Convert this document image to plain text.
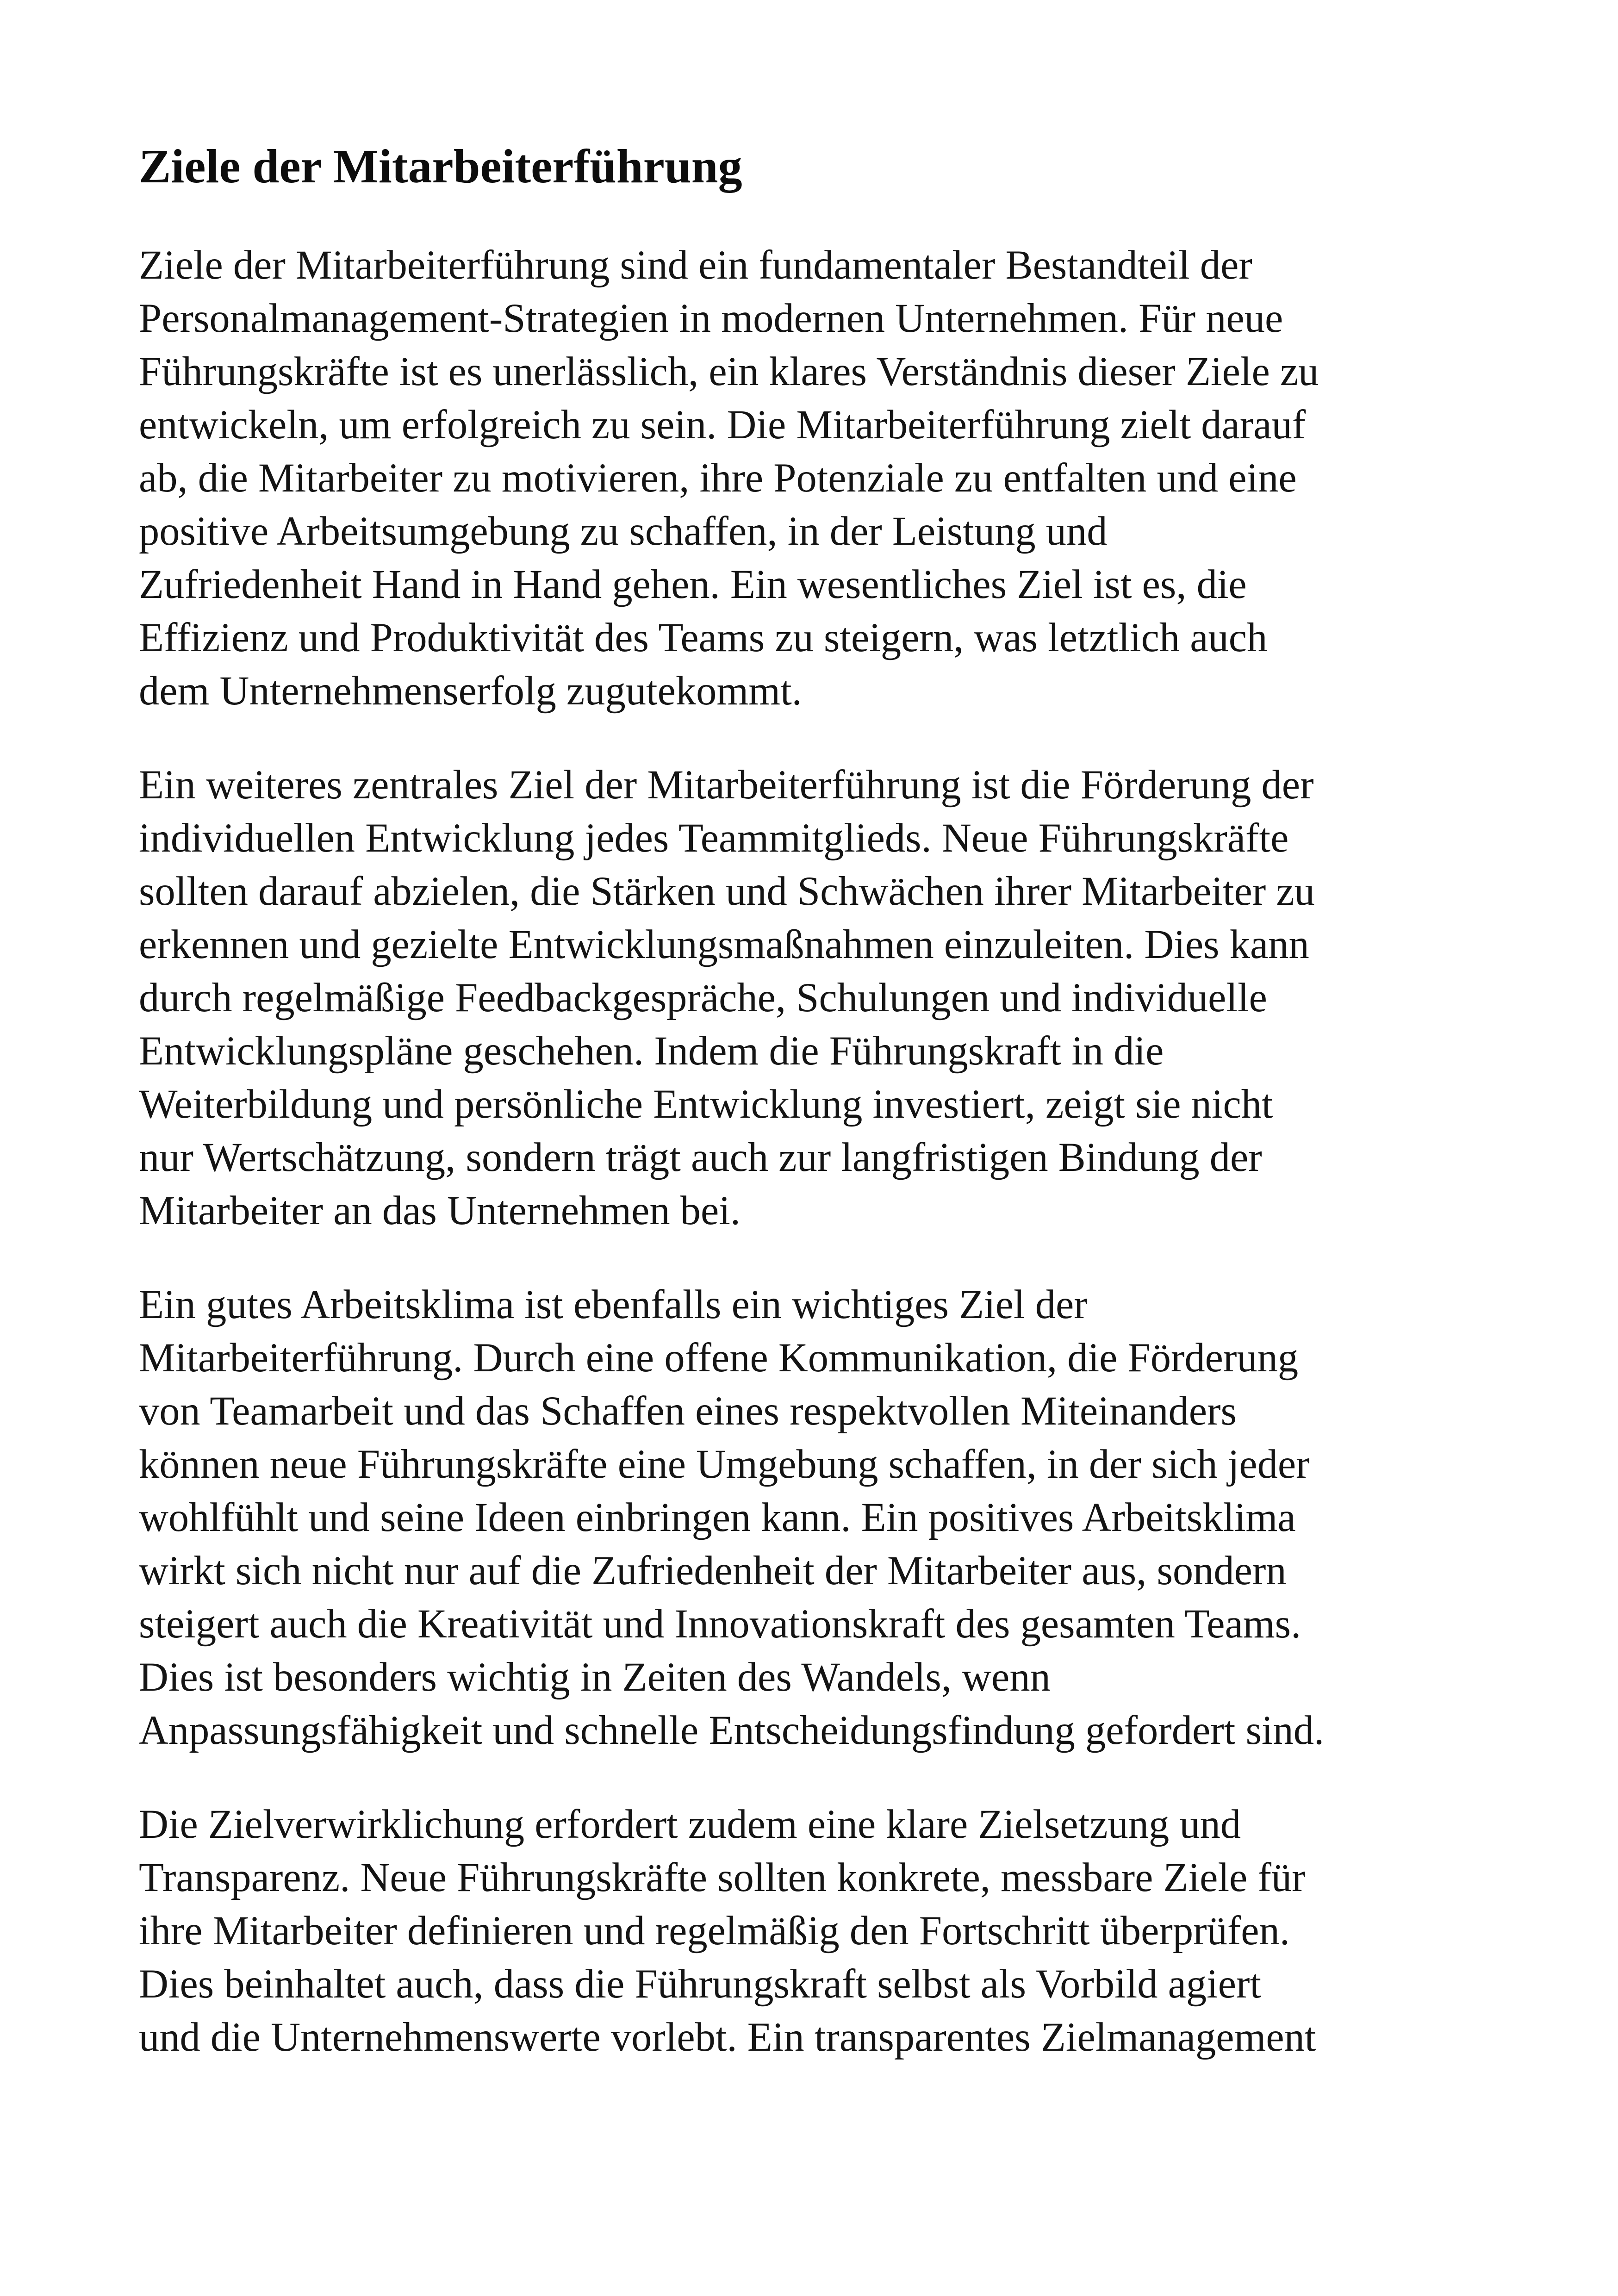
Ziele der Mitarbeiterführung

Ziele der Mitarbeiterführung sind ein fundamentaler Bestandteil der
Personalmanagement-Strategien in modernen Unternehmen. Für neue
Führungskräfte ist es unerlässlich, ein klares Verständnis dieser Ziele zu
entwickeln, um erfolgreich zu sein. Die Mitarbeiterführung zielt darauf
ab, die Mitarbeiter zu motivieren, ihre Potenziale zu entfalten und eine
positive Arbeitsumgebung zu schaffen, in der Leistung und
Zufriedenheit Hand in Hand gehen. Ein wesentliches Ziel ist es, die
Effizienz und Produktivität des Teams zu steigern, was letztlich auch
dem Unternehmenserfolg zugutekommt.

Ein weiteres zentrales Ziel der Mitarbeiterführung ist die Förderung der
individuellen Entwicklung jedes Teammitglieds. Neue Führungskräfte
sollten darauf abzielen, die Stärken und Schwächen ihrer Mitarbeiter zu
erkennen und gezielte Entwicklungsmaßnahmen einzuleiten. Dies kann
durch regelmäßige Feedbackgespräche, Schulungen und individuelle
Entwicklungspläne geschehen. Indem die Führungskraft in die
Weiterbildung und persönliche Entwicklung investiert, zeigt sie nicht
nur Wertschätzung, sondern trägt auch zur langfristigen Bindung der
Mitarbeiter an das Unternehmen bei.

Ein gutes Arbeitsklima ist ebenfalls ein wichtiges Ziel der
Mitarbeiterführung. Durch eine offene Kommunikation, die Förderung
von Teamarbeit und das Schaffen eines respektvollen Miteinanders
können neue Führungskräfte eine Umgebung schaffen, in der sich jeder
wohlfühlt und seine Ideen einbringen kann. Ein positives Arbeitsklima
wirkt sich nicht nur auf die Zufriedenheit der Mitarbeiter aus, sondern
steigert auch die Kreativität und Innovationskraft des gesamten Teams.
Dies ist besonders wichtig in Zeiten des Wandels, wenn
Anpassungsfähigkeit und schnelle Entscheidungsfindung gefordert sind.

Die Zielverwirklichung erfordert zudem eine klare Zielsetzung und
Transparenz. Neue Führungskräfte sollten konkrete, messbare Ziele für
ihre Mitarbeiter definieren und regelmäßig den Fortschritt überprüfen.
Dies beinhaltet auch, dass die Führungskraft selbst als Vorbild agiert
und die Unternehmenswerte vorlebt. Ein transparentes Zielmanagement
